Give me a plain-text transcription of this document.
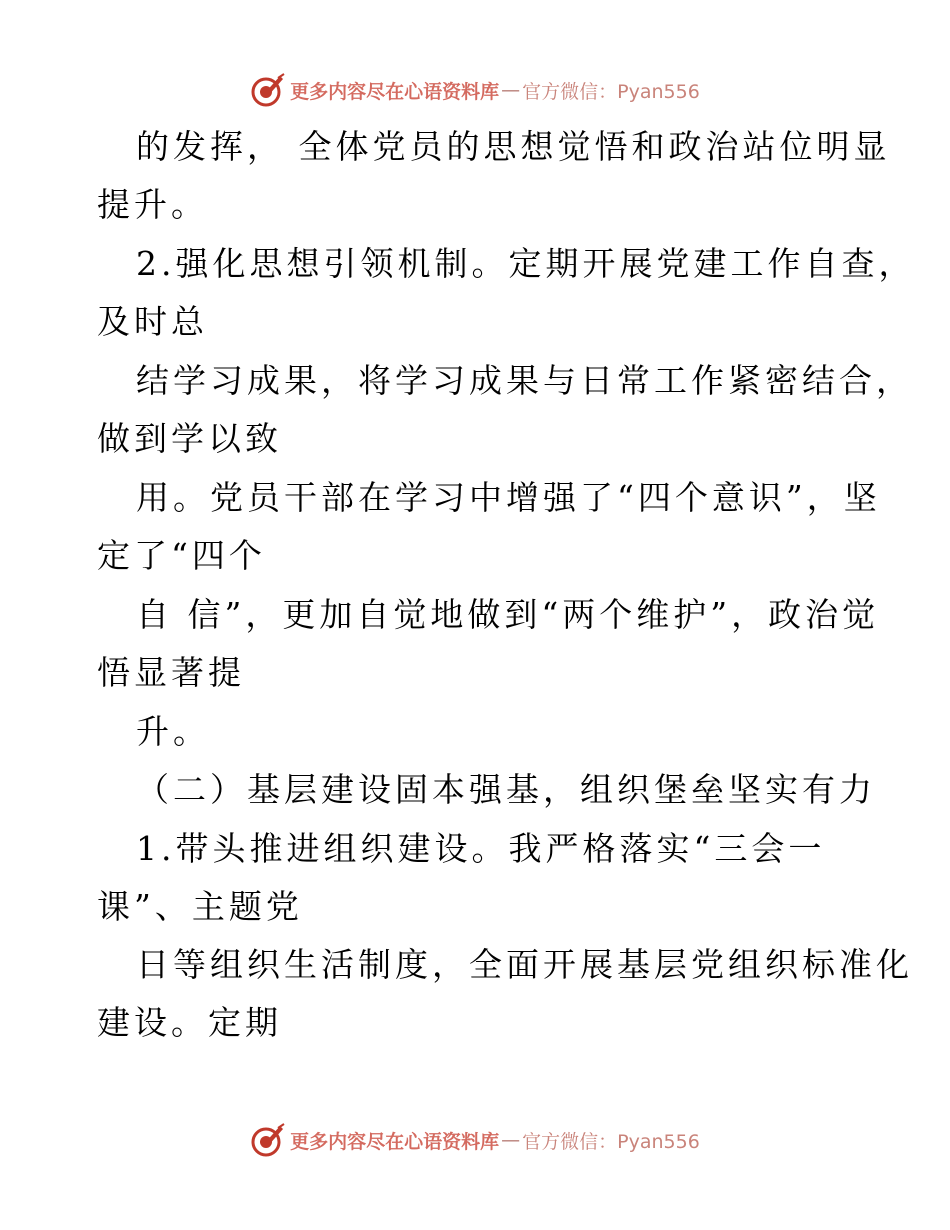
更多内容尽在心语资料库 — 官方微信：Pyan556
的发挥， 全体党员的思想觉悟和政治站位明显
提升。
2.强化思想引领机制。定期开展党建工作自查，
及时总
结学习成果，将学习成果与日常工作紧密结合，
做到学以致
用。党员干部在学习中增强了“四个意识”，坚
定了“四个
自 信”，更加自觉地做到“两个维护”，政治觉
悟显著提
升。
（二）基层建设固本强基，组织堡垒坚实有力
1.带头推进组织建设。我严格落实“三会一
课”、主题党
日等组织生活制度，全面开展基层党组织标准化
建设。定期
更多内容尽在心语资料库 — 官方微信：Pyan556
